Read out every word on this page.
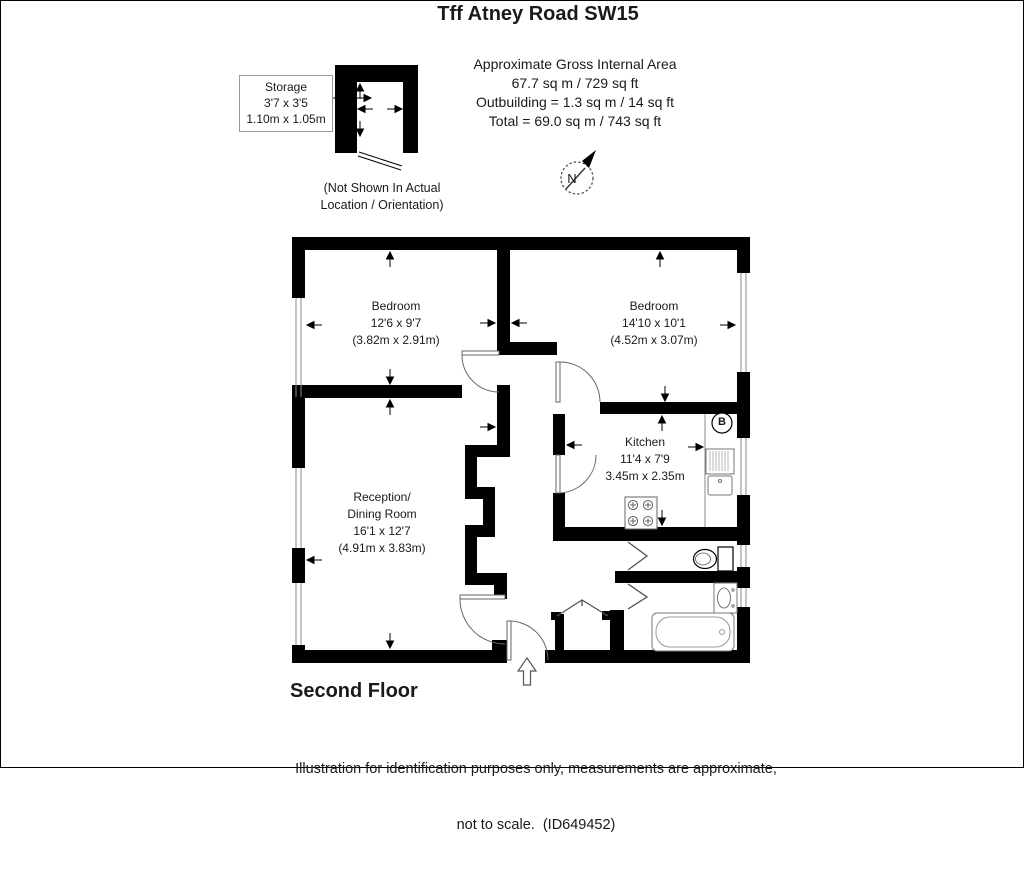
Tff Atney Road SW15
Storage
3'7 x 3'5
1.10m x 1.05m
Approximate Gross Internal Area
67.7 sq m / 729 sq ft
Outbuilding = 1.3 sq m / 14 sq ft
Total = 69.0 sq m / 743 sq ft
(Not Shown In Actual
Location / Orientation)
N
Bedroom
12'6 x 9'7
(3.82m x 2.91m)
Bedroom
14'10 x 10'1
(4.52m x 3.07m)
Kitchen
11'4 x 7'9
3.45m x 2.35m
Reception/
Dining Room
16'1 x 12'7
(4.91m x 3.83m)
B
Second Floor

Illustration for identification purposes only, measurements are approximate,

not to scale.  (ID649452)
